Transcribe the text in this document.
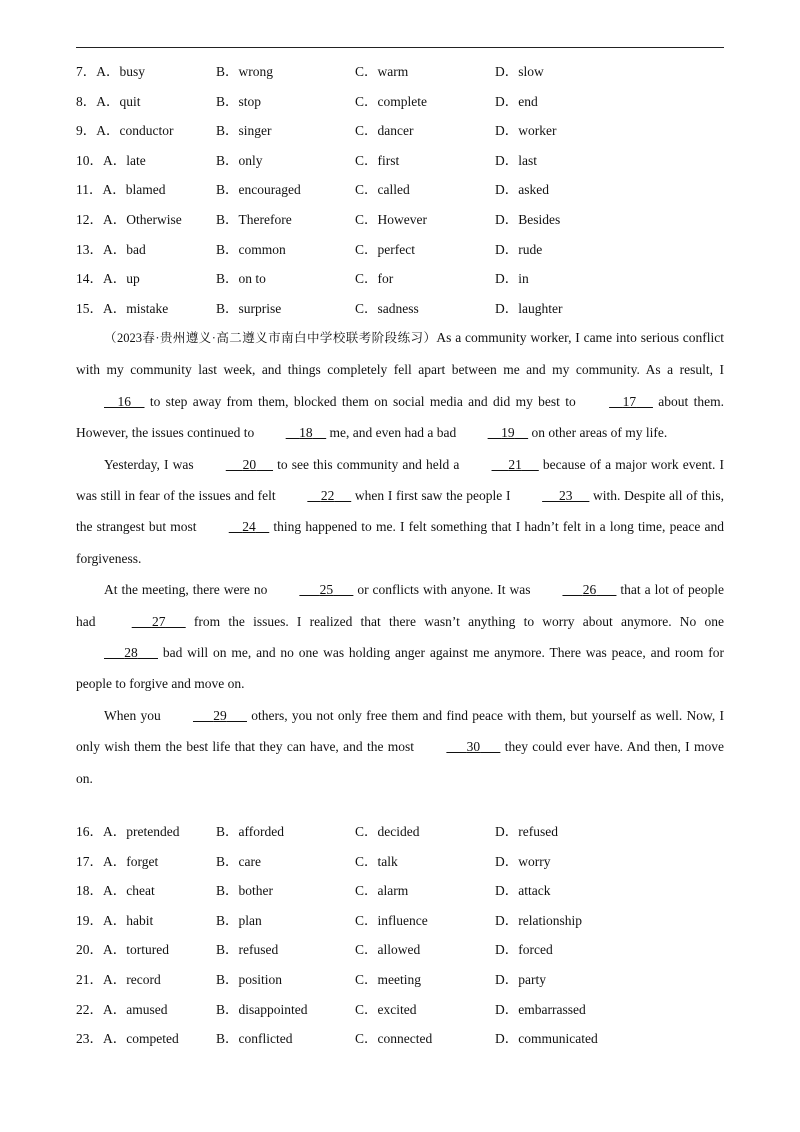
7．A．busy	B．wrong	C．warm	D．slow
8．A．quit	B．stop	C．complete	D．end
9．A．conductor	B．singer	C．dancer	D．worker
10．A．late	B．only	C．first	D．last
11．A．blamed	B．encouraged	C．called	D．asked
12．A．Otherwise	B．Therefore	C．However	D．Besides
13．A．bad	B．common	C．perfect	D．rude
14．A．up	B．on to	C．for	D．in
15．A．mistake	B．surprise	C．sadness	D．laughter

（2023春·贵州遵义·高二遵义市南白中学校联考阶段练习）As a community worker, I came into serious conflict with my community last week, and things completely fell apart between me and my community. As a result, I     16     to step away from them, blocked them on social media and did my best to	17      about them. However, the issues continued to	18     me, and even had a bad	19     on other areas of my life.

Yesterday, I was	20      to see this community and held a	21      because of a major work event. I was still in fear of the issues and felt	22      when I first saw the people I	23      with. Despite all of this, the strangest but most	24     thing happened to me. I felt something that I hadn’t felt in a long time, peace and forgiveness.

At the meeting, there were no	25       or conflicts with anyone. It was	26       that a lot of people had	27       from the issues. I realized that there wasn’t anything to worry about anymore. No one       28       bad will on me, and no one was holding anger against me anymore. There was peace, and room for people to forgive and move on.

When you	29       others, you not only free them and find peace with them, but yourself as well. Now, I only wish them the best life that they can have, and the most	30       they could ever have. And then, I move on.

16．A．pretended	B．afforded	C．decided	D．refused
17．A．forget	B．care	C．talk	D．worry
18．A．cheat	B．bother	C．alarm	D．attack
19．A．habit	B．plan	C．influence	D．relationship
20．A．tortured	B．refused	C．allowed	D．forced
21．A．record	B．position	C．meeting	D．party
22．A．amused	B．disappointed	C．excited	D．embarrassed
23．A．competed	B．conflicted	C．connected	D．communicated
